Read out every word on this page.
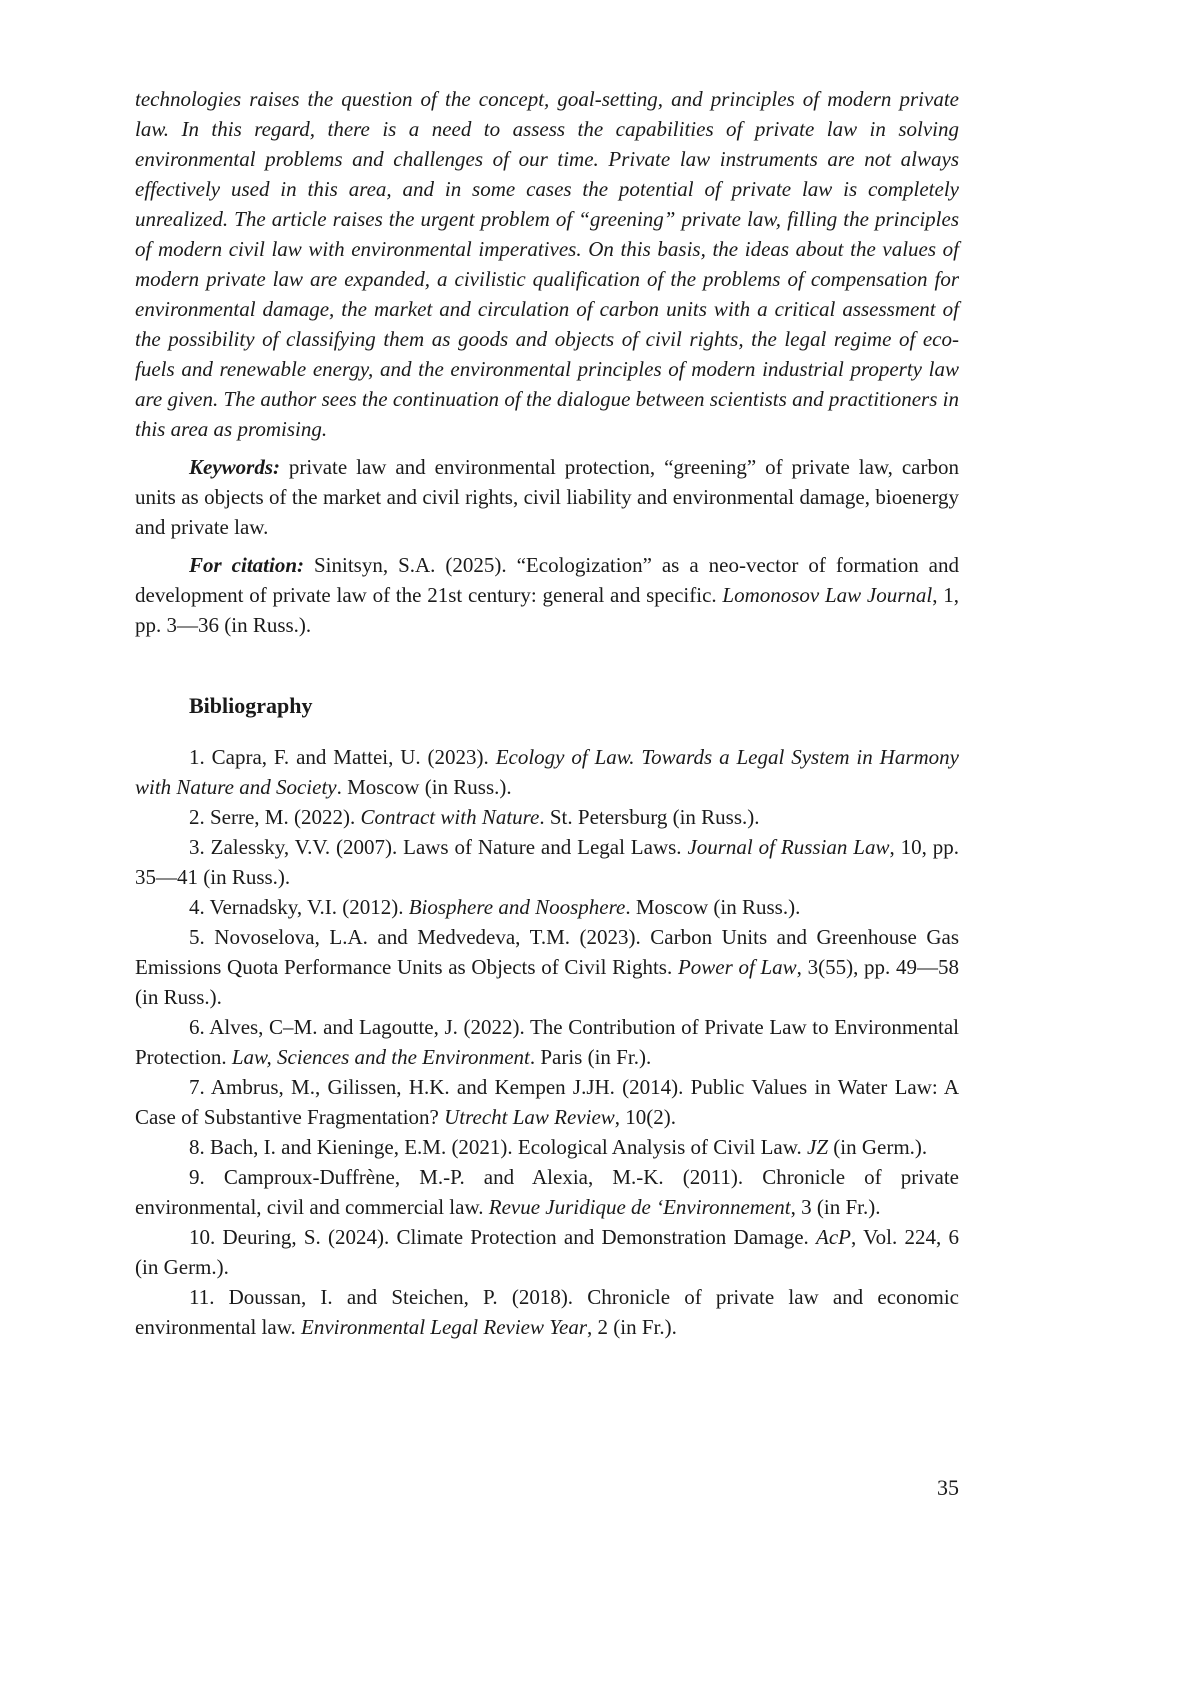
technologies raises the question of the concept, goal-setting, and principles of modern private law. In this regard, there is a need to assess the capabilities of private law in solving environmental problems and challenges of our time. Private law instruments are not always effectively used in this area, and in some cases the potential of private law is completely unrealized. The article raises the urgent problem of “greening” private law, filling the principles of modern civil law with environmental imperatives. On this basis, the ideas about the values of modern private law are expanded, a civilistic qualification of the problems of compensation for environmental damage, the market and circulation of carbon units with a critical assessment of the possibility of classifying them as goods and objects of civil rights, the legal regime of eco-fuels and renewable energy, and the environmental principles of modern industrial property law are given. The author sees the continuation of the dialogue between scientists and practitioners in this area as promising.

Keywords: private law and environmental protection, “greening” of private law, carbon units as objects of the market and civil rights, civil liability and environmental damage, bioenergy and private law.

For citation: Sinitsyn, S.A. (2025). “Ecologization” as a neo-vector of formation and development of private law of the 21st century: general and specific. Lomonosov Law Journal, 1, pp. 3—36 (in Russ.).

Bibliography

1. Capra, F. and Mattei, U. (2023). Ecology of Law. Towards a Legal System in Harmony with Nature and Society. Moscow (in Russ.).

2. Serre, M. (2022). Contract with Nature. St. Petersburg (in Russ.).

3. Zalessky, V.V. (2007). Laws of Nature and Legal Laws. Journal of Russian Law, 10, pp. 35—41 (in Russ.).

4. Vernadsky, V.I. (2012). Biosphere and Noosphere. Moscow (in Russ.).

5. Novoselova, L.A. and Medvedeva, T.M. (2023). Carbon Units and Greenhouse Gas Emissions Quota Performance Units as Objects of Civil Rights. Power of Law, 3(55), pp. 49—58 (in Russ.).

6. Alves, C–M. and Lagoutte, J. (2022). The Contribution of Private Law to Environmental Protection. Law, Sciences and the Environment. Paris (in Fr.).

7. Ambrus, M., Gilissen, H.K. and Kempen J.JH. (2014). Public Values in Water Law: A Case of Substantive Fragmentation? Utrecht Law Review, 10(2).

8. Bach, I. and Kieninge, E.M. (2021). Ecological Analysis of Civil Law. JZ (in Germ.).

9. Camproux-Duffrène, M.-P. and Alexia, M.-K. (2011). Chronicle of private environmental, civil and commercial law. Revue Juridique de ‘Environnement, 3 (in Fr.).

10. Deuring, S. (2024). Climate Protection and Demonstration Damage. AcP, Vol. 224, 6 (in Germ.).

11. Doussan, I. and Steichen, P. (2018). Chronicle of private law and economic environmental law. Environmental Legal Review Year, 2 (in Fr.).

35
